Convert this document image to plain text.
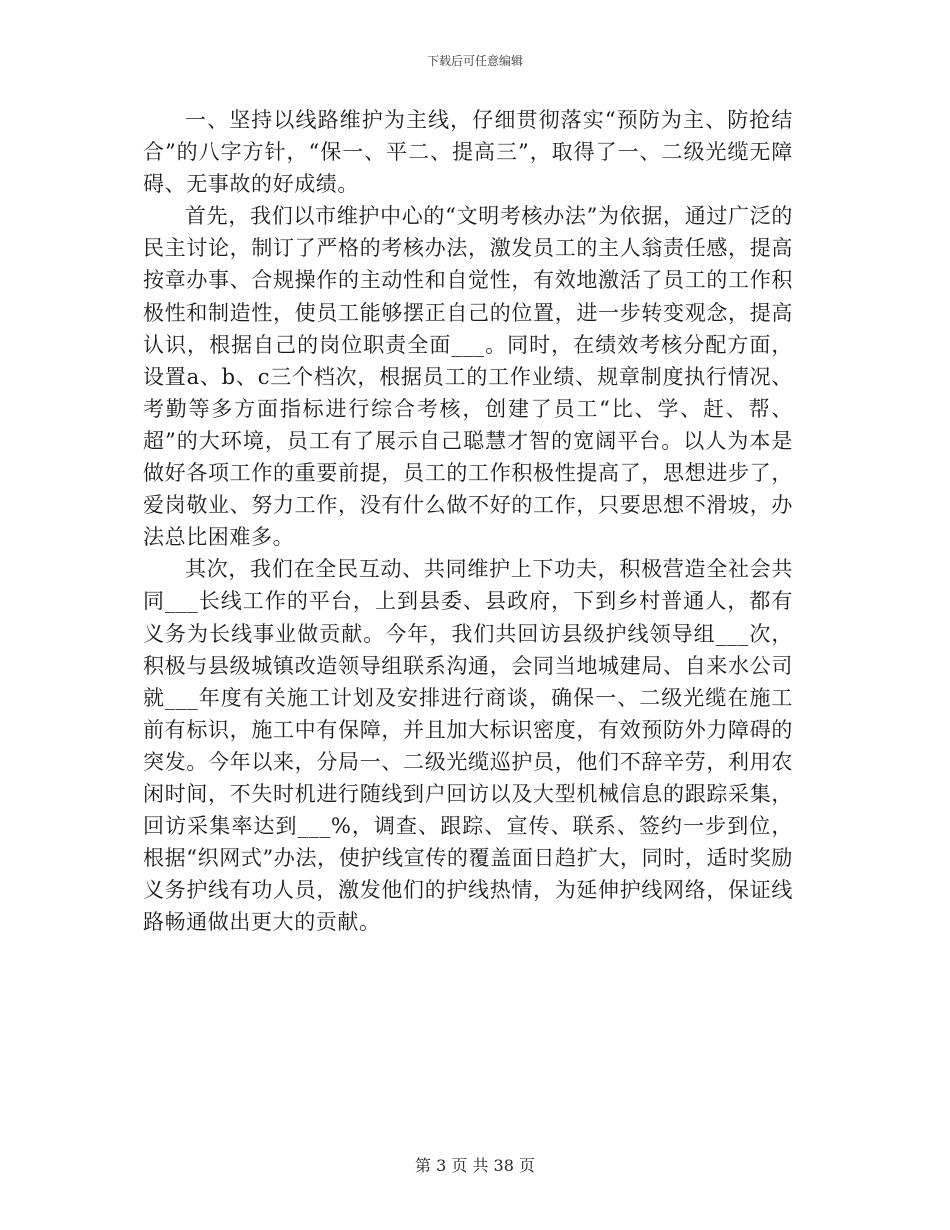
下载后可任意编辑

一、坚持以线路维护为主线，仔细贯彻落实“预防为主、防抢结合”的八字方针，“保一、平二、提高三”，取得了一、二级光缆无障碍、无事故的好成绩。

首先，我们以市维护中心的“文明考核办法”为依据，通过广泛的民主讨论，制订了严格的考核办法，激发员工的主人翁责任感，提高按章办事、合规操作的主动性和自觉性，有效地激活了员工的工作积极性和制造性，使员工能够摆正自己的位置，进一步转变观念，提高认识，根据自己的岗位职责全面___。同时，在绩效考核分配方面，设置a、b、c三个档次，根据员工的工作业绩、规章制度执行情况、考勤等多方面指标进行综合考核，创建了员工“比、学、赶、帮、超”的大环境，员工有了展示自己聪慧才智的宽阔平台。以人为本是做好各项工作的重要前提，员工的工作积极性提高了，思想进步了，爱岗敬业、努力工作，没有什么做不好的工作，只要思想不滑坡，办法总比困难多。

其次，我们在全民互动、共同维护上下功夫，积极营造全社会共同___长线工作的平台，上到县委、县政府，下到乡村普通人，都有义务为长线事业做贡献。今年，我们共回访县级护线领导组___次，积极与县级城镇改造领导组联系沟通，会同当地城建局、自来水公司就___年度有关施工计划及安排进行商谈，确保一、二级光缆在施工前有标识，施工中有保障，并且加大标识密度，有效预防外力障碍的突发。今年以来，分局一、二级光缆巡护员，他们不辞辛劳，利用农闲时间，不失时机进行随线到户回访以及大型机械信息的跟踪采集，回访采集率达到___%，调查、跟踪、宣传、联系、签约一步到位，根据“织网式”办法，使护线宣传的覆盖面日趋扩大，同时，适时奖励义务护线有功人员，激发他们的护线热情，为延伸护线网络，保证线路畅通做出更大的贡献。

第 3 页 共 38 页
